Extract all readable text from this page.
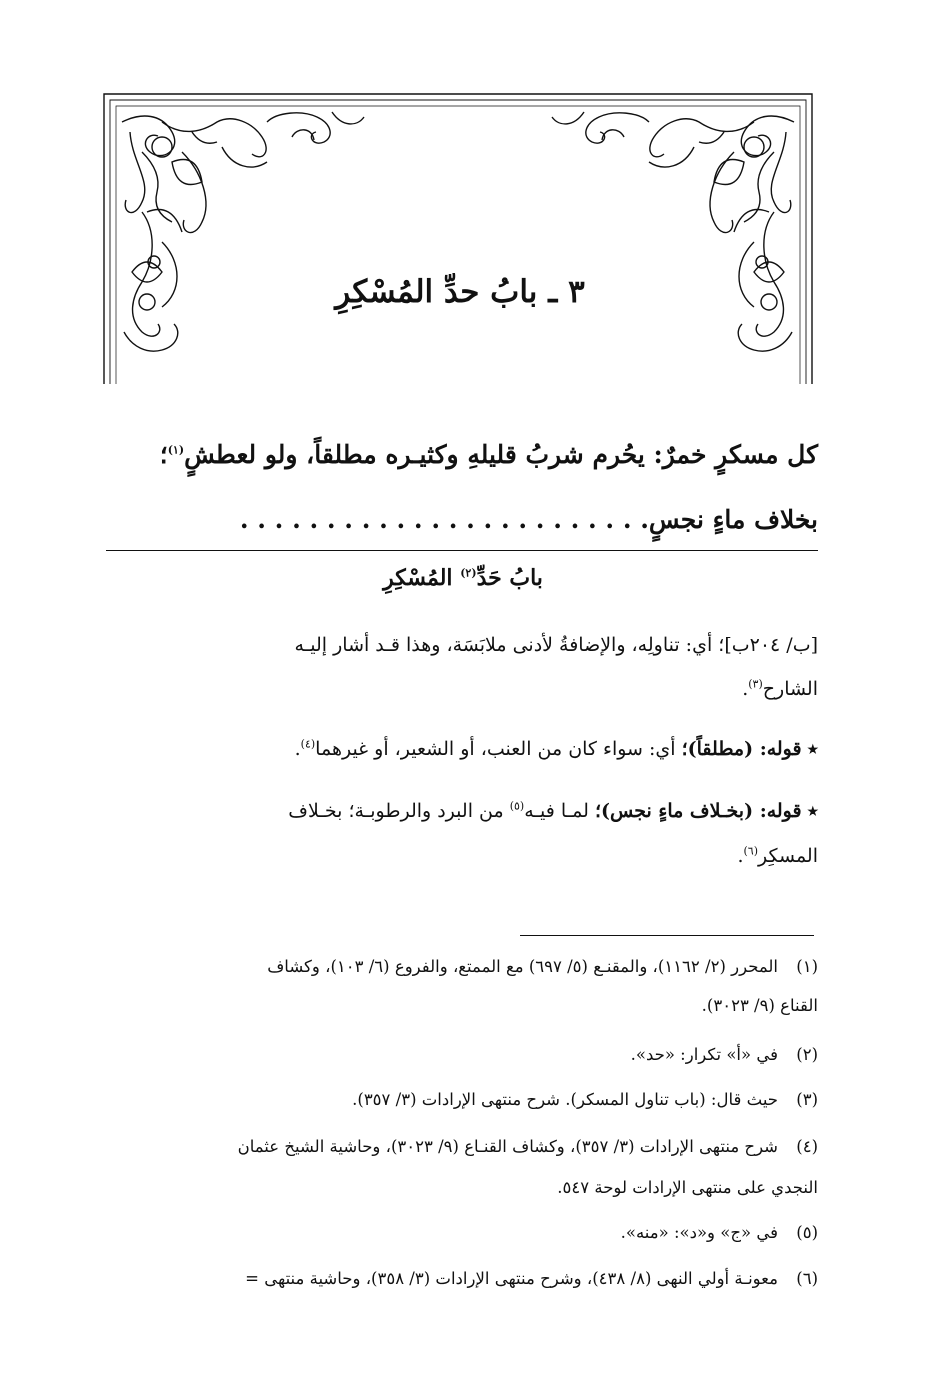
٣ ـ بابُ حدِّ المُسْكِرِ
كل مسكرٍ خمرٌ: يحُرم شربُ قليلهِ وكثيـره مطلقاً، ولو لعطشٍ$^{(١)}$؛
بخلاف ماءٍ نجسٍ. . . . . . . . . . . . . . . . . . . . . . . .
بابُ حَدِّ$^{(٢)}$ المُسْكِرِ
[ب/ ٢٠٤ب]؛ أي: تناولِه، والإضافةُ لأدنى ملابَسَة، وهذا قـد أشار إليـه
الشارح$^{(٣)}$.
٭ قوله: (مطلقاً)؛ أي: سواء كان من العنب، أو الشعير، أو غيرهما$^{(٤)}$.
٭ قوله: (بخـلاف ماءٍ نجس)؛ لمـا فيـه$^{(٥)}$ من البرد والرطوبـة؛ بخـلاف
المسكِر$^{(٦)}$.
(١)المحرر (٢/ ١١٦٢)، والمقنـع (٥/ ٦٩٧) مع الممتع، والفروع (٦/ ١٠٣)، وكشاف
القناع (٩/ ٣٠٢٣).
(٢)في «أ» تكرار: «حد».
(٣)حيث قال: (باب تناول المسكر). شرح منتهى الإرادات (٣/ ٣٥٧).
(٤)شرح منتهى الإرادات (٣/ ٣٥٧)، وكشاف القنـاع (٩/ ٣٠٢٣)، وحاشية الشيخ عثمان
النجدي على منتهى الإرادات لوحة ٥٤٧.
(٥)في «ج» و«د»: «منه».
(٦)معونـة أولي النهى (٨/ ٤٣٨)، وشرح منتهى الإرادات (٣/ ٣٥٨)، وحاشية منتهى =
